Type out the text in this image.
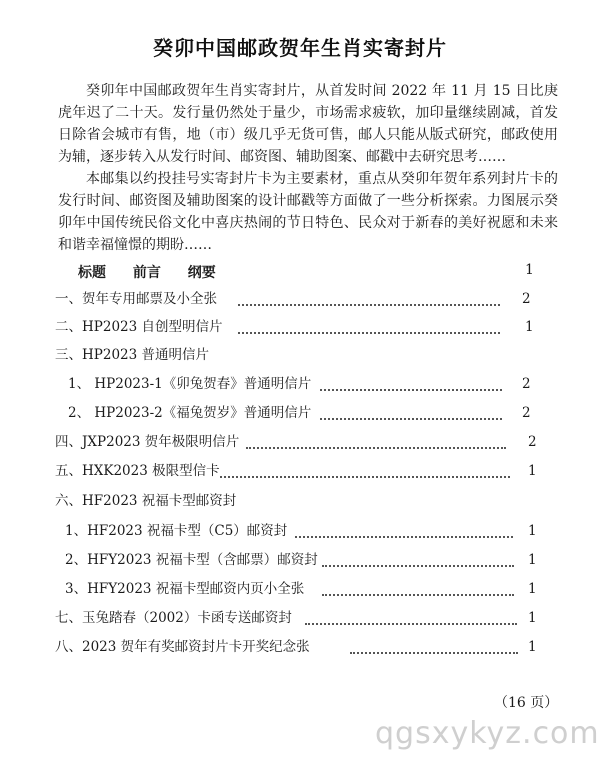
癸卯中国邮政贺年生肖实寄封片

癸卯年中国邮政贺年生肖实寄封片，从首发时间 2022 年 11 月 15 日比庚虎年迟了二十天。发行量仍然处于量少，市场需求疲软，加印量继续剧减，首发日除省会城市有售，地（市）级几乎无货可售，邮人只能从版式研究，邮政使用为辅，逐步转入从发行时间、邮资图、辅助图案、邮戳中去研究思考……

本邮集以约投挂号实寄封片卡为主要素材，重点从癸卯年贺年系列封片卡的发行时间、邮资图及辅助图案的设计邮戳等方面做了一些分析探索。力图展示癸卯年中国传统民俗文化中喜庆热闹的节日特色、民众对于新春的美好祝愿和未来和谐幸福憧憬的期盼……

标题 前言 纲要	1
一、贺年专用邮票及小全张	2
二、HP2023 自创型明信片	1
三、HP2023 普通明信片
1、 HP2023-1《卯兔贺春》普通明信片	2
2、 HP2023-2《福兔贺岁》普通明信片	2
四、JXP2023 贺年极限明信片	2
五、HXK2023 极限型信卡	1
六、HF2023 祝福卡型邮资封
1、HF2023 祝福卡型（C5）邮资封	1
2、HFY2023 祝福卡型（含邮票）邮资封	1
3、HFY2023 祝福卡型邮资内页小全张	1
七、玉兔踏春（2002）卡函专送邮资封	1
八、2023 贺年有奖邮资封片卡开奖纪念张	1
（16 页）
qgsxykyz.com
